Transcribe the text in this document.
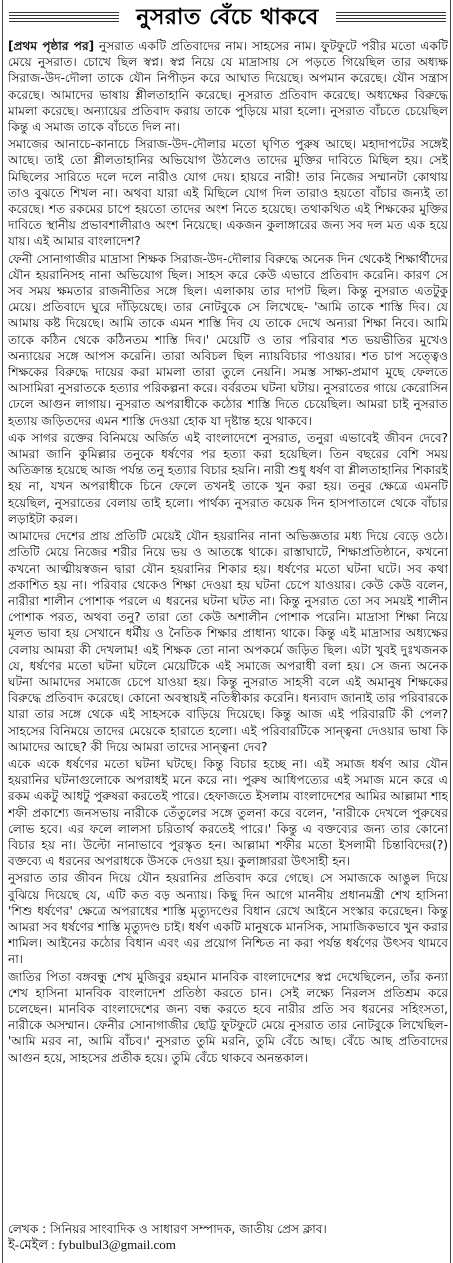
নুসরাত বেঁচে থাকবে

[প্রথম পৃষ্ঠার পর] নুসরাত একটি প্রতিবাদের নাম। সাহসের নাম। ফুটফুটে পরীর মতো একটি মেয়ে নুসরাত। চোখে ছিল স্বপ্ন। স্বপ্ন নিয়ে যে মাদ্রাসায় সে পড়তে গিয়েছিল তার অধ্যক্ষ সিরাজ-উদ-দৌলা তাকে যৌন নিপীড়ন করে আঘাত দিয়েছে। অপমান করেছে। যৌন সন্ত্রাস করেছে। আমাদের ভাষায় শ্লীলতাহানি করেছে। নুসরাত প্রতিবাদ করেছে। অধ্যক্ষের বিরুদ্ধে মামলা করেছে। অন্যায়ের প্রতিবাদ করায় তাকে পুড়িয়ে মারা হলো। নুসরাত বাঁচতে চেয়েছিল কিন্তু এ সমাজ তাকে বাঁচতে দিল না।

সমাজের আনাচে-কানাচে সিরাজ-উদ-দৌলার মতো ঘৃণিত পুরুষ আছে। মহাদাপটের সঙ্গেই আছে। তাই তো শ্লীলতাহানির অভিযোগ উঠলেও তাদের মুক্তির দাবিতে মিছিল হয়। সেই মিছিলের সারিতে দলে দলে নারীও যোগ দেয়। হায়রে নারী! তার নিজের সম্মানটা কোথায় তাও বুঝতে শিখল না। অথবা যারা এই মিছিলে যোগ দিল তারাও হয়তো বাঁচার জন্যই তা করেছে। শত রকমের চাপে হয়তো তাদের অংশ নিতে হয়েছে। তথাকথিত এই শিক্ষকের মুক্তির দাবিতে স্থানীয় প্রভাবশালীরাও অংশ নিয়েছে। একজন কুলাঙ্গারের জন্য সব দল মত এক হয়ে যায়। এই আমার বাংলাদেশ?

ফেনী সোনাগাজীর মাদ্রাসা শিক্ষক সিরাজ-উদ-দৌলার বিরুদ্ধে অনেক দিন থেকেই শিক্ষার্থীদের যৌন হয়রানিসহ নানা অভিযোগ ছিল। সাহস করে কেউ এভাবে প্রতিবাদ করেনি। কারণ সে সব সময় ক্ষমতার রাজনীতির সঙ্গে ছিল। এলাকায় তার দাপট ছিল। কিন্তু নুসরাত এতটুকু মেয়ে। প্রতিবাদে ঘুরে দাঁড়িয়েছে। তার নোটবুকে সে লিখেছে- 'আমি তাকে শাস্তি দিব। যে আমায় কষ্ট দিয়েছে। আমি তাকে এমন শাস্তি দিব যে তাকে দেখে অন্যরা শিক্ষা নিবে। আমি তাকে কঠিন থেকে কঠিনতম শাস্তি দিব।' মেয়েটি ও তার পরিবার শত ভয়ভীতির মুখেও অন্যায়ের সঙ্গে আপস করেনি। তারা অবিচল ছিল ন্যায়বিচার পাওয়ার। শত চাপ সত্ত্বেও শিক্ষকের বিরুদ্ধে দায়ের করা মামলা তারা তুলে নেয়নি। সমস্ত সাক্ষ্য-প্রমাণ মুছে ফেলতে আসামিরা নুসরাতকে হত্যার পরিকল্পনা করে। বর্বরতম ঘটনা ঘটায়। নুসরাতের গায়ে কেরোসিন ঢেলে আগুন লাগায়। নুসরাত অপরাধীকে কঠোর শাস্তি দিতে চেয়েছিল। আমরা চাই নুসরাত হত্যায় জড়িতদের এমন শাস্তি দেওয়া হোক যা দৃষ্টান্ত হয়ে থাকবে।

এক সাগর রক্তের বিনিময়ে অর্জিত এই বাংলাদেশে নুসরাত, তনুরা এভাবেই জীবন দেবে? আমরা জানি কুমিল্লার তনুকে ধর্ষণের পর হত্যা করা হয়েছিল। তিন বছরের বেশি সময় অতিক্রান্ত হয়েছে আজ পর্যন্ত তনু হত্যার বিচার হয়নি। নারী শুধু ধর্ষণ বা শ্লীলতাহানির শিকারই হয় না, যখন অপরাধীকে চিনে ফেলে তখনই তাকে খুন করা হয়। তনুর ক্ষেত্রে এমনটি হয়েছিল, নুসরাতের বেলায় তাই হলো। পার্থক্য নুসরাত কয়েক দিন হাসপাতালে থেকে বাঁচার লড়াইটা করল।

আমাদের দেশের প্রায় প্রতিটি মেয়েই যৌন হয়রানির নানা অভিজ্ঞতার মধ্য দিয়ে বেড়ে ওঠে। প্রতিটি মেয়ে নিজের শরীর নিয়ে ভয় ও আতঙ্কে থাকে। রাস্তাঘাটে, শিক্ষাপ্রতিষ্ঠানে, কখনো কখনো আত্মীয়স্বজন দ্বারা যৌন হয়রানির শিকার হয়। ধর্ষণের মতো ঘটনা ঘটে। সব কথা প্রকাশিত হয় না। পরিবার থেকেও শিক্ষা দেওয়া হয় ঘটনা চেপে যাওয়ার। কেউ কেউ বলেন, নারীরা শালীন পোশাক পরলে এ ধরনের ঘটনা ঘটত না। কিন্তু নুসরাত তো সব সময়ই শালীন পোশাক পরত, অথবা তনু? তারা তো কেউ অশালীন পোশাক পরেনি। মাদ্রাসা শিক্ষা নিয়ে মূলত ভাবা হয় সেখানে ধর্মীয় ও নৈতিক শিক্ষার প্রাধান্য থাকে। কিন্তু এই মাদ্রাসার অধ্যক্ষের বেলায় আমরা কী দেখলাম! এই শিক্ষক তো নানা অপকর্মে জড়িত ছিল। এটা খুবই দুঃখজনক যে, ধর্ষণের মতো ঘটনা ঘটলে মেয়েটিকে এই সমাজে অপরাধী বলা হয়। সে জন্য অনেক ঘটনা আমাদের সমাজে চেপে যাওয়া হয়। কিন্তু নুসরাত সাহসী বলে এই অমানুষ শিক্ষকের বিরুদ্ধে প্রতিবাদ করেছে। কোনো অবস্থায়ই নতিস্বীকার করেনি। ধন্যবাদ জানাই তার পরিবারকে যারা তার সঙ্গে থেকে এই সাহসকে বাড়িয়ে দিয়েছে। কিন্তু আজ এই পরিবারটি কী পেল? সাহসের বিনিময়ে তাদের মেয়েকে হারাতে হলো। এই পরিবারটিকে সান্ত্বনা দেওয়ার ভাষা কি আমাদের আছে? কী দিয়ে আমরা তাদের সান্ত্বনা দেব?

একে একে ধর্ষণের মতো ঘটনা ঘটছে। কিন্তু বিচার হচ্ছে না। এই সমাজ ধর্ষণ আর যৌন হয়রানির ঘটনাগুলোকে অপরাধই মনে করে না। পুরুষ আধিপত্যের এই সমাজ মনে করে এ রকম একটু আধটু পুরুষরা করতেই পারে। হেফাজতে ইসলাম বাংলাদেশের আমির আল্লামা শাহ শফী প্রকাশ্যে জনসভায় নারীকে তেঁতুলের সঙ্গে তুলনা করে বলেন, 'নারীকে দেখলে পুরুষের লোভ হবে। এর ফলে লালসা চরিতার্থ করতেই পারে।' কিন্তু এ বক্তব্যের জন্য তার কোনো বিচার হয় না। উল্টো নানাভাবে পুরস্কৃত হন। আল্লামা শফীর মতো ইসলামী চিন্তাবিদের(?) বক্তব্যে এ ধরনের অপরাধকে উসকে দেওয়া হয়। কুলাঙ্গাররা উৎসাহী হন।

নুসরাত তার জীবন দিয়ে যৌন হয়রানির প্রতিবাদ করে গেছে। সে সমাজকে আঙুল দিয়ে বুঝিয়ে দিয়েছে যে, এটি কত বড় অন্যায়। কিছু দিন আগে মাননীয় প্রধানমন্ত্রী শেখ হাসিনা 'শিশু ধর্ষণের' ক্ষেত্রে অপরাধের শাস্তি মৃত্যুদণ্ডের বিধান রেখে আইনে সংস্কার করেছেন। কিন্তু আমরা সব ধর্ষণের শাস্তি মৃত্যুদণ্ড চাই। ধর্ষণ একটি মানুষকে মানসিক, সামাজিকভাবে খুন করার শামিল। আইনের কঠোর বিধান এবং এর প্রয়োগ নিশ্চিত না করা পর্যন্ত ধর্ষণের উৎসব থামবে না।

জাতির পিতা বঙ্গবন্ধু শেখ মুজিবুর রহমান মানবিক বাংলাদেশের স্বপ্ন দেখেছিলেন, তাঁর কন্যা শেখ হাসিনা মানবিক বাংলাদেশ প্রতিষ্ঠা করতে চান। সেই লক্ষ্যে নিরলস প্রতিশ্রম করে চলেছেন। মানবিক বাংলাদেশের জন্য বন্ধ করতে হবে নারীর প্রতি সব ধরনের সহিংসতা, নারীকে অসম্মান। ফেনীর সোনাগাজীর ছোট্ট ফুটফুটে মেয়ে নুসরাত তার নোটবুকে লিখেছিল- 'আমি মরব না, আমি বাঁচব।' নুসরাত তুমি মরনি, তুমি বেঁচে আছ। বেঁচে আছ প্রতিবাদের আগুন হয়ে, সাহসের প্রতীক হয়ে। তুমি বেঁচে থাকবে অনন্তকাল।

লেখক : সিনিয়র সাংবাদিক ও সাধারণ সম্পাদক, জাতীয় প্রেস ক্লাব।

ই-মেইল : fybulbul3@gmail.com
